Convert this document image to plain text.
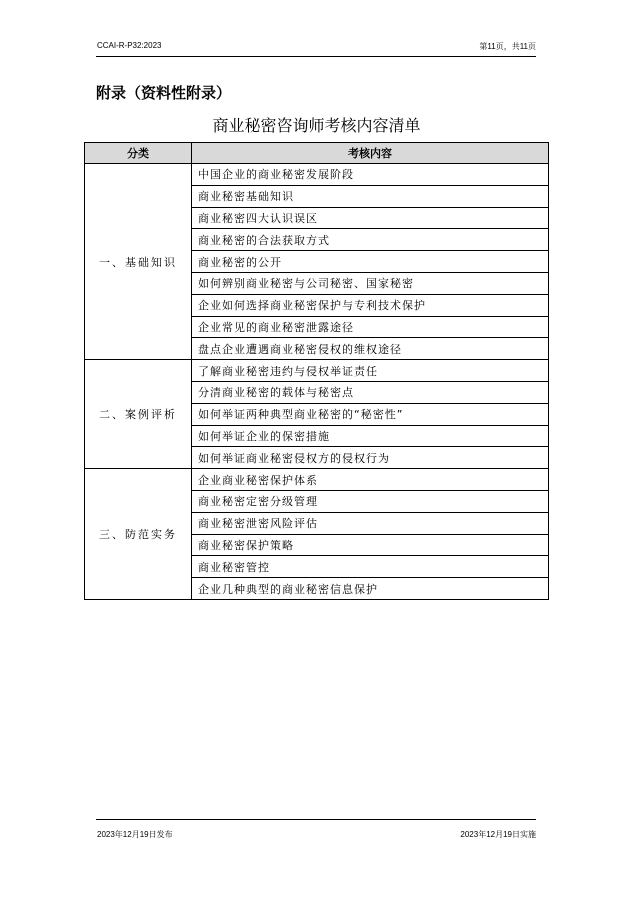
CCAI-R-P32:2023	第11页，共11页
附录（资料性附录）
商业秘密咨询师考核内容清单
分类	考核内容
一、基础知识	中国企业的商业秘密发展阶段
	商业秘密基础知识
	商业秘密四大认识误区
	商业秘密的合法获取方式
	商业秘密的公开
	如何辨别商业秘密与公司秘密、国家秘密
	企业如何选择商业秘密保护与专利技术保护
	企业常见的商业秘密泄露途径
	盘点企业遭遇商业秘密侵权的维权途径
二、案例评析	了解商业秘密违约与侵权举证责任
	分清商业秘密的载体与秘密点
	如何举证两种典型商业秘密的“秘密性”
	如何举证企业的保密措施
	如何举证商业秘密侵权方的侵权行为
三、防范实务	企业商业秘密保护体系
	商业秘密定密分级管理
	商业秘密泄密风险评估
	商业秘密保护策略
	商业秘密管控
	企业几种典型的商业秘密信息保护
2023年12月19日发布	2023年12月19日实施
